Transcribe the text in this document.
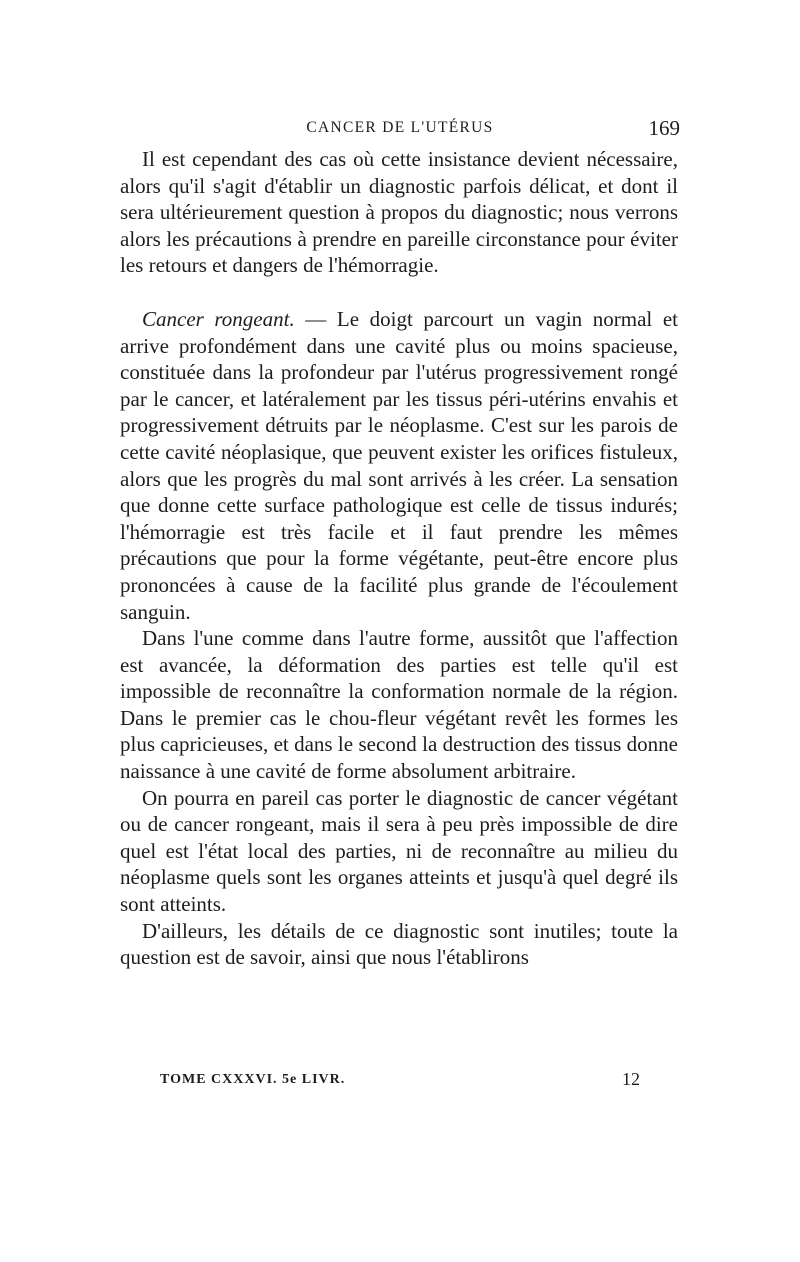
CANCER DE L'UTÉRUS	169

Il est cependant des cas où cette insistance devient nécessaire, alors qu'il s'agit d'établir un diagnostic parfois délicat, et dont il sera ultérieurement question à propos du diagnostic; nous verrons alors les précautions à prendre en pareille circonstance pour éviter les retours et dangers de l'hémorragie.

Cancer rongeant. — Le doigt parcourt un vagin normal et arrive profondément dans une cavité plus ou moins spacieuse, constituée dans la profondeur par l'utérus progressivement rongé par le cancer, et latéralement par les tissus péri-utérins envahis et progressivement détruits par le néoplasme. C'est sur les parois de cette cavité néoplasique, que peuvent exister les orifices fistuleux, alors que les progrès du mal sont arrivés à les créer. La sensation que donne cette surface pathologique est celle de tissus indurés; l'hémorragie est très facile et il faut prendre les mêmes précautions que pour la forme végétante, peut-être encore plus prononcées à cause de la facilité plus grande de l'écoulement sanguin.

Dans l'une comme dans l'autre forme, aussitôt que l'affection est avancée, la déformation des parties est telle qu'il est impossible de reconnaître la conformation normale de la région. Dans le premier cas le chou-fleur végétant revêt les formes les plus capricieuses, et dans le second la destruction des tissus donne naissance à une cavité de forme absolument arbitraire.

On pourra en pareil cas porter le diagnostic de cancer végétant ou de cancer rongeant, mais il sera à peu près impossible de dire quel est l'état local des parties, ni de reconnaître au milieu du néoplasme quels sont les organes atteints et jusqu'à quel degré ils sont atteints.

D'ailleurs, les détails de ce diagnostic sont inutiles; toute la question est de savoir, ainsi que nous l'établirons

TOME CXXXVI. 5e LIVR.	12
